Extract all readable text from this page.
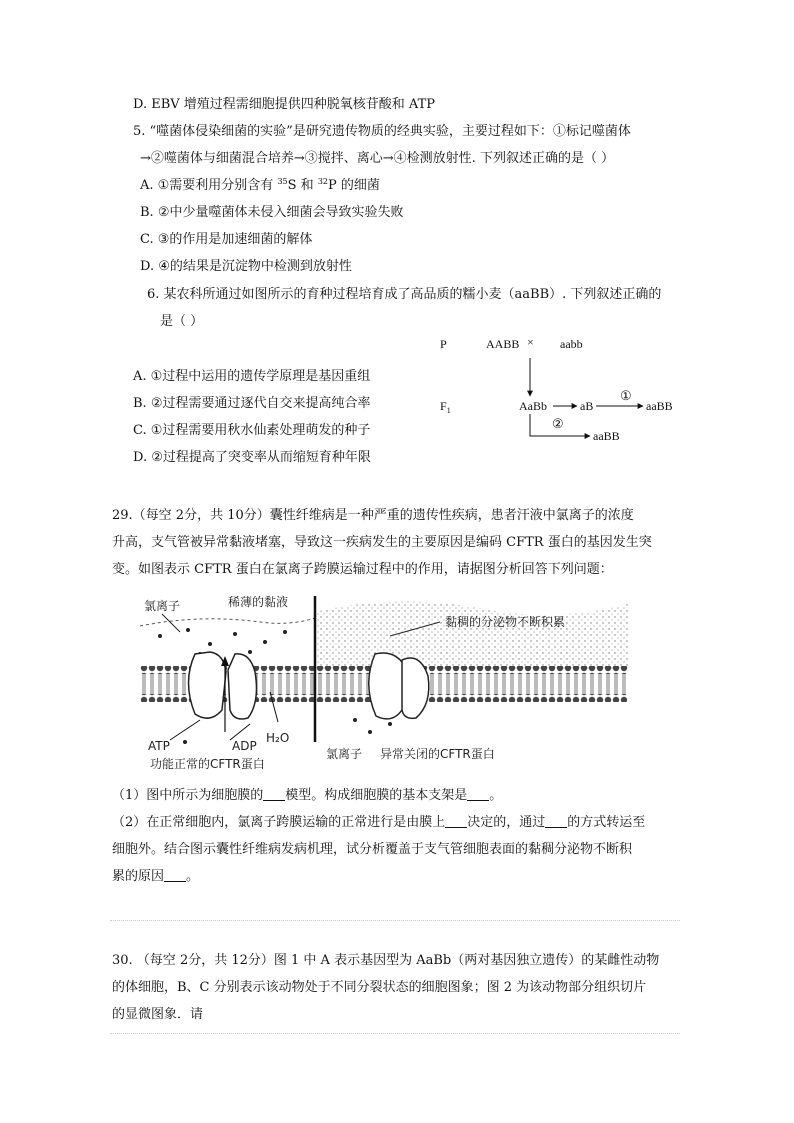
D. EBV 增殖过程需细胞提供四种脱氧核苷酸和 ATP
5. “噬菌体侵染细菌的实验”是研究遗传物质的经典实验，主要过程如下：①标记噬菌体
→②噬菌体与细菌混合培养→③搅拌、离心→④检测放射性. 下列叙述正确的是（ ）
A. ①需要利用分别含有 $^{35}$S 和 $^{32}$P 的细菌
B. ②中少量噬菌体未侵入细菌会导致实验失败
C. ③的作用是加速细菌的解体
D. ④的结果是沉淀物中检测到放射性
6. 某农科所通过如图所示的育种过程培育成了高品质的糯小麦（aaBB）. 下列叙述正确的
是（ ）
A. ①过程中运用的遗传学原理是基因重组
B. ②过程需要通过逐代自交来提高纯合率
C. ①过程需要用秋水仙素处理萌发的种子
D. ②过程提高了突变率从而缩短育种年限
P	AABB × aabb
$F_1$	AaBb	aB
①
aaBB
②
aaBB
29.（每空 2分，共 10分）囊性纤维病是一种严重的遗传性疾病，患者汗液中氯离子的浓度
升高，支气管被异常黏液堵塞，导致这一疾病发生的主要原因是编码 CFTR 蛋白的基因发生突
变。如图表示 CFTR 蛋白在氯离子跨膜运输过程中的作用，请据图分析回答下列问题：
氯离子	稀薄的黏液
黏稠的分泌物不断积累
ATP	ADP
H₂O
功能正常的CFTR蛋白
氯离子 异常关闭的CFTR蛋白
（1）图中所示为细胞膜的 模型。构成细胞膜的基本支架是 。
（2）在正常细胞内，氯离子跨膜运输的正常进行是由膜上 决定的，通过 的方式转运至
细胞外。结合图示囊性纤维病发病机理，试分析覆盖于支气管细胞表面的黏稠分泌物不断积
累的原因 。
30. （每空 2分，共 12分）图 1 中 A 表示基因型为 AaBb（两对基因独立遗传）的某雌性动物
的体细胞，B、C 分别表示该动物处于不同分裂状态的细胞图象；图 2 为该动物部分组织切片
的显微图象．请
